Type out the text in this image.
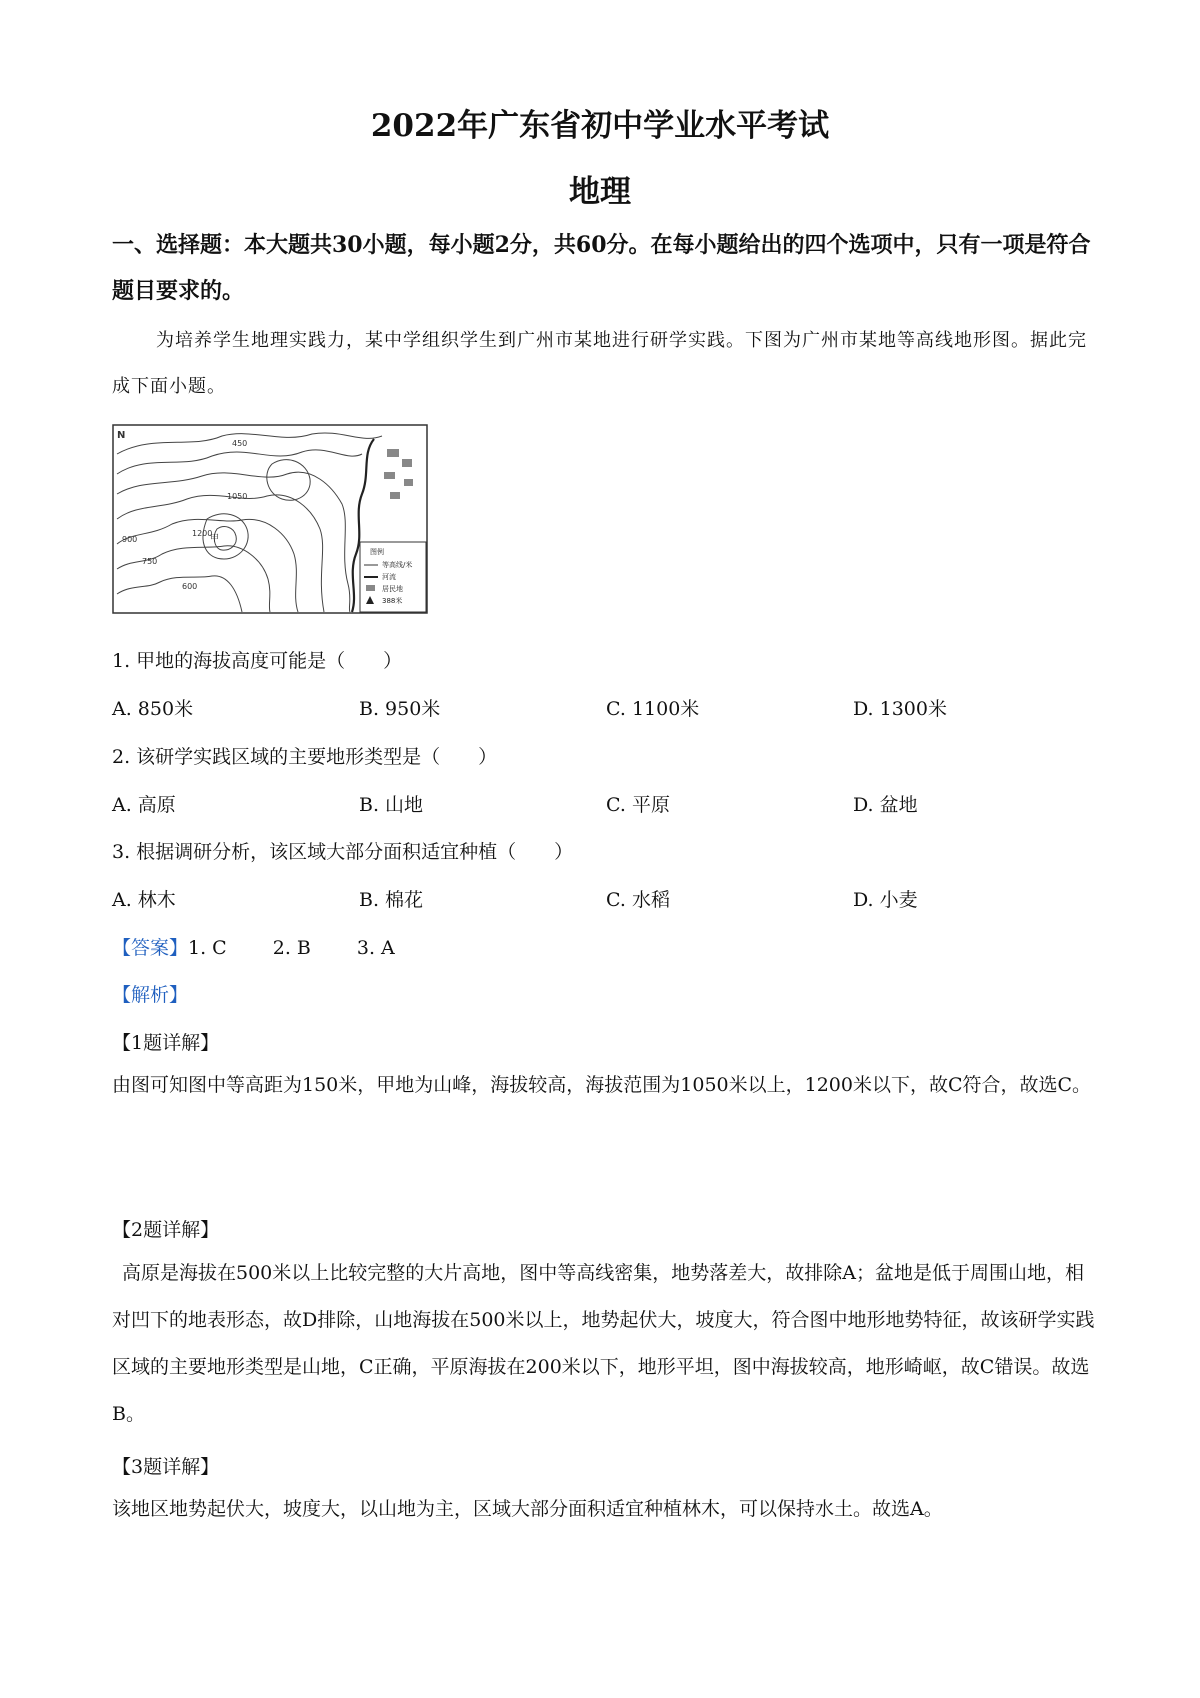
2022年广东省初中学业水平考试
地理
一、选择题：本大题共30小题，每小题2分，共60分。在每小题给出的四个选项中，只有一项是符合题目要求的。
为培养学生地理实践力，某中学组织学生到广州市某地进行研学实践。下图为广州市某地等高线地形图。据此完成下面小题。
450
1050
900
750
600
1200
甲
N
图例
等高线/米
河流
居民地
388米
1. 甲地的海拔高度可能是（　　）
A. 850米	B. 950米	C. 1100米	D. 1300米
2. 该研学实践区域的主要地形类型是（　　）
A. 高原	B. 山地	C. 平原	D. 盆地
3. 根据调研分析，该区域大部分面积适宜种植（　　）
A. 林木	B. 棉花	C. 水稻	D. 小麦
【答案】1. C 2. B 3. A
【解析】
【1题详解】
由图可知图中等高距为150米，甲地为山峰，海拔较高，海拔范围为1050米以上，1200米以下，故C符合，故选C。
【2题详解】
高原是海拔在500米以上比较完整的大片高地，图中等高线密集，地势落差大，故排除A；盆地是低于周围山地，相对凹下的地表形态，故D排除，山地海拔在500米以上，地势起伏大，坡度大，符合图中地形地势特征，故该研学实践区域的主要地形类型是山地，C正确，平原海拔在200米以下，地形平坦，图中海拔较高，地形崎岖，故C错误。故选B。
【3题详解】
该地区地势起伏大，坡度大，以山地为主，区域大部分面积适宜种植林木，可以保持水土。故选A。
